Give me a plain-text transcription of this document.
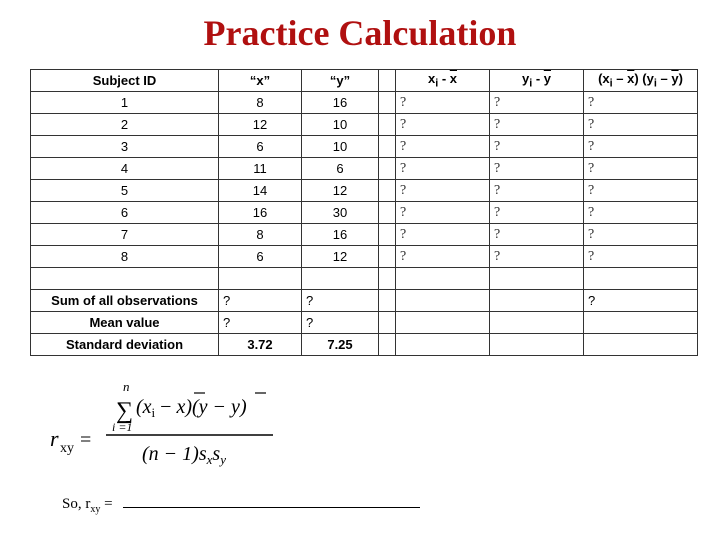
Practice Calculation
Subject ID	“x”	“y”		$x_i - \overline{x}$	$y_i - \overline{y}$	$(x_i - \overline{x})$ $(y_i - \overline{y})$
1	8	16		?	?	?
2	12	10		?	?	?
3	6	10		?	?	?
4	11	6		?	?	?
5	14	12		?	?	?
6	16	30		?	?	?
7	8	16		?	?	?
8	6	12		?	?	?

Sum of all observations	?	?				?
Mean value	?	?				
Standard deviation	3.72	7.25				
r xy =
n
∑
i =1
$(x_i - x)(y - y)$
$(n - 1)s_xs_y$
So, $r_{xy}$ =
